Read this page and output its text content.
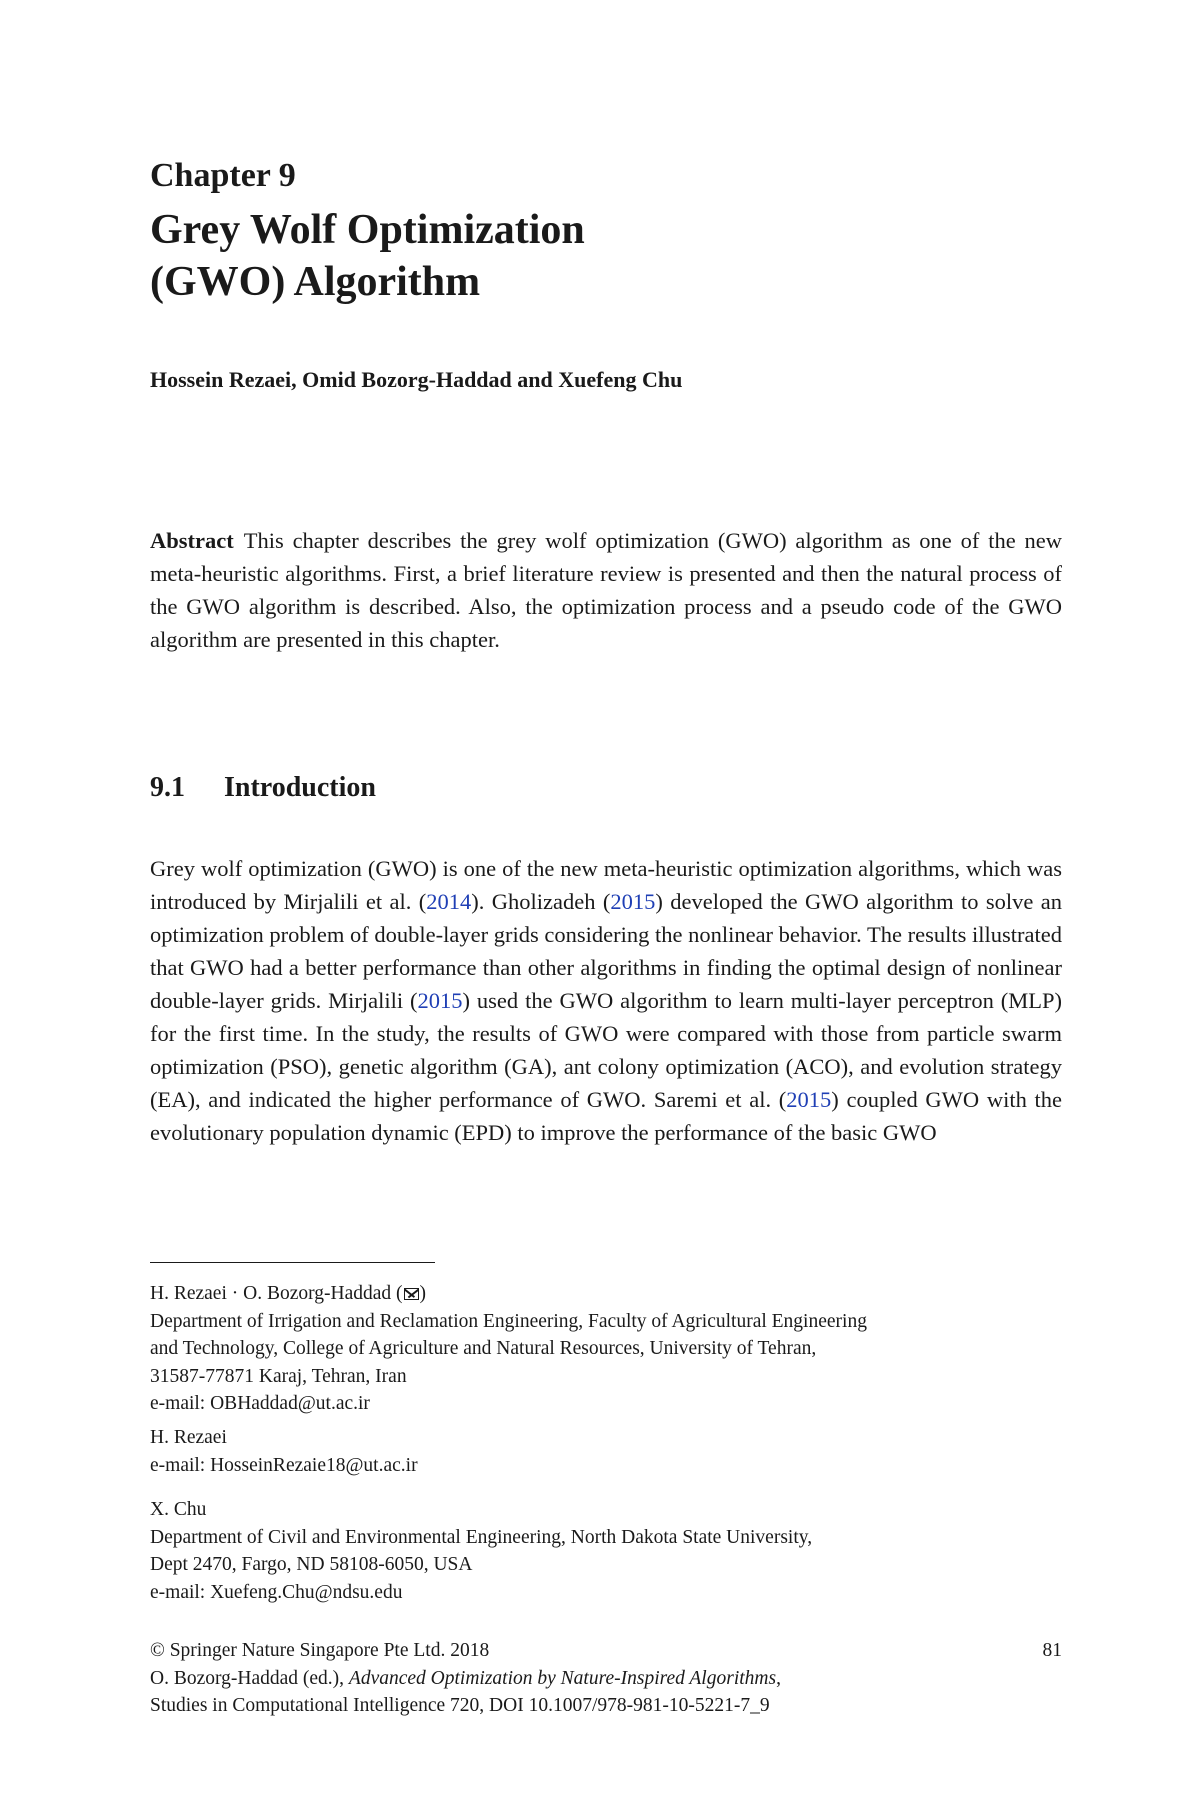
Chapter 9
Grey Wolf Optimization
(GWO) Algorithm
Hossein Rezaei, Omid Bozorg-Haddad and Xuefeng Chu

Abstract This chapter describes the grey wolf optimization (GWO) algorithm as one of the new meta-heuristic algorithms. First, a brief literature review is presented and then the natural process of the GWO algorithm is described. Also, the optimization process and a pseudo code of the GWO algorithm are presented in this chapter.

9.1 Introduction

Grey wolf optimization (GWO) is one of the new meta-heuristic optimization algorithms, which was introduced by Mirjalili et al. (2014). Gholizadeh (2015) developed the GWO algorithm to solve an optimization problem of double-layer grids considering the nonlinear behavior. The results illustrated that GWO had a better performance than other algorithms in finding the optimal design of nonlinear double-layer grids. Mirjalili (2015) used the GWO algorithm to learn multi-layer perceptron (MLP) for the first time. In the study, the results of GWO were compared with those from particle swarm optimization (PSO), genetic algorithm (GA), ant colony optimization (ACO), and evolution strategy (EA), and indicated the higher performance of GWO. Saremi et al. (2015) coupled GWO with the evolutionary population dynamic (EPD) to improve the performance of the basic GWO

H. Rezaei · O. Bozorg-Haddad ( )
Department of Irrigation and Reclamation Engineering, Faculty of Agricultural Engineering
and Technology, College of Agriculture and Natural Resources, University of Tehran,
31587-77871 Karaj, Tehran, Iran
e-mail: OBHaddad@ut.ac.ir
H. Rezaei
e-mail: HosseinRezaie18@ut.ac.ir
X. Chu
Department of Civil and Environmental Engineering, North Dakota State University,
Dept 2470, Fargo, ND 58108-6050, USA
e-mail: Xuefeng.Chu@ndsu.edu
© Springer Nature Singapore Pte Ltd. 2018	81
O. Bozorg-Haddad (ed.), Advanced Optimization by Nature-Inspired Algorithms,
Studies in Computational Intelligence 720, DOI 10.1007/978-981-10-5221-7_9
